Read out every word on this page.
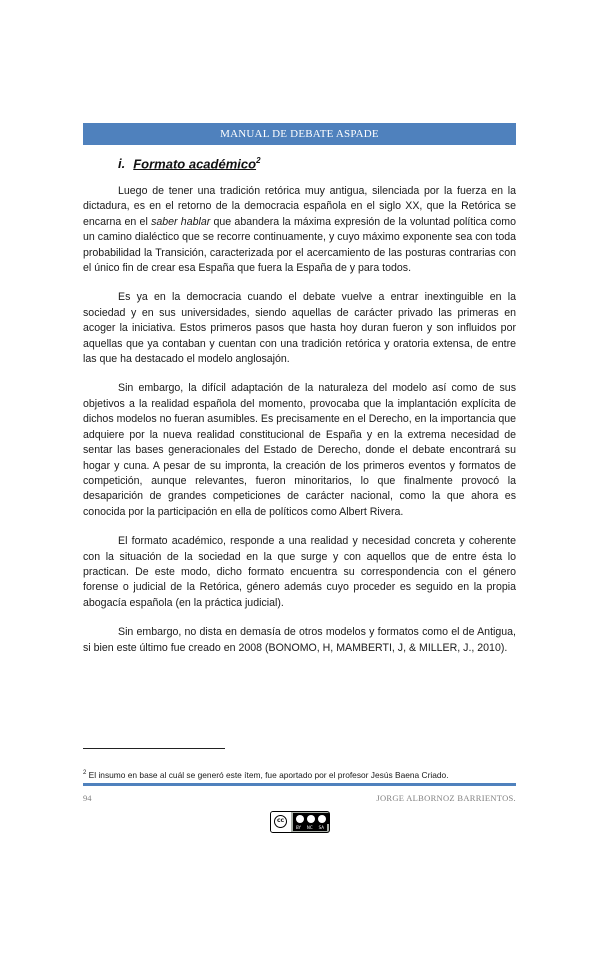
MANUAL DE DEBATE ASPADE
i. Formato académico$^2$

Luego de tener una tradición retórica muy antigua, silenciada por la fuerza en la dictadura, es en el retorno de la democracia española en el siglo XX, que la Retórica se encarna en el saber hablar que abandera la máxima expresión de la voluntad política como un camino dialéctico que se recorre continuamente, y cuyo máximo exponente sea con toda probabilidad la Transición, caracterizada por el acercamiento de las posturas contrarias con el único fin de crear esa España que fuera la España de y para todos.

Es ya en la democracia cuando el debate vuelve a entrar inextinguible en la sociedad y en sus universidades, siendo aquellas de carácter privado las primeras en acoger la iniciativa. Estos primeros pasos que hasta hoy duran fueron y son influidos por aquellas que ya contaban y cuentan con una tradición retórica y oratoria extensa, de entre las que ha destacado el modelo anglosajón.

Sin embargo, la difícil adaptación de la naturaleza del modelo así como de sus objetivos a la realidad española del momento, provocaba que la implantación explícita de dichos modelos no fueran asumibles. Es precisamente en el Derecho, en la importancia que adquiere por la nueva realidad constitucional de España y en la extrema necesidad de sentar las bases generacionales del Estado de Derecho, donde el debate encontrará su hogar y cuna. A pesar de su impronta, la creación de los primeros eventos y formatos de competición, aunque relevantes, fueron minoritarios, lo que finalmente provocó la desaparición de grandes competiciones de carácter nacional, como la que ahora es conocida por la participación en ella de políticos como Albert Rivera.

El formato académico, responde a una realidad y necesidad concreta y coherente con la situación de la sociedad en la que surge y con aquellos que de entre ésta lo practican. De este modo, dicho formato encuentra su correspondencia con el género forense o judicial de la Retórica, género además cuyo proceder es seguido en la propia abogacía española (en la práctica judicial).

Sin embargo, no dista en demasía de otros modelos y formatos como el de Antigua, si bien este último fue creado en 2008 (BONOMO, H, MAMBERTI, J, & MILLER, J., 2010).

$^2$ El insumo en base al cuál se generó este ítem, fue aportado por el profesor Jesús Baena Criado.
94	JORGE ALBORNOZ BARRIENTOS.
cc
BY NC SA
